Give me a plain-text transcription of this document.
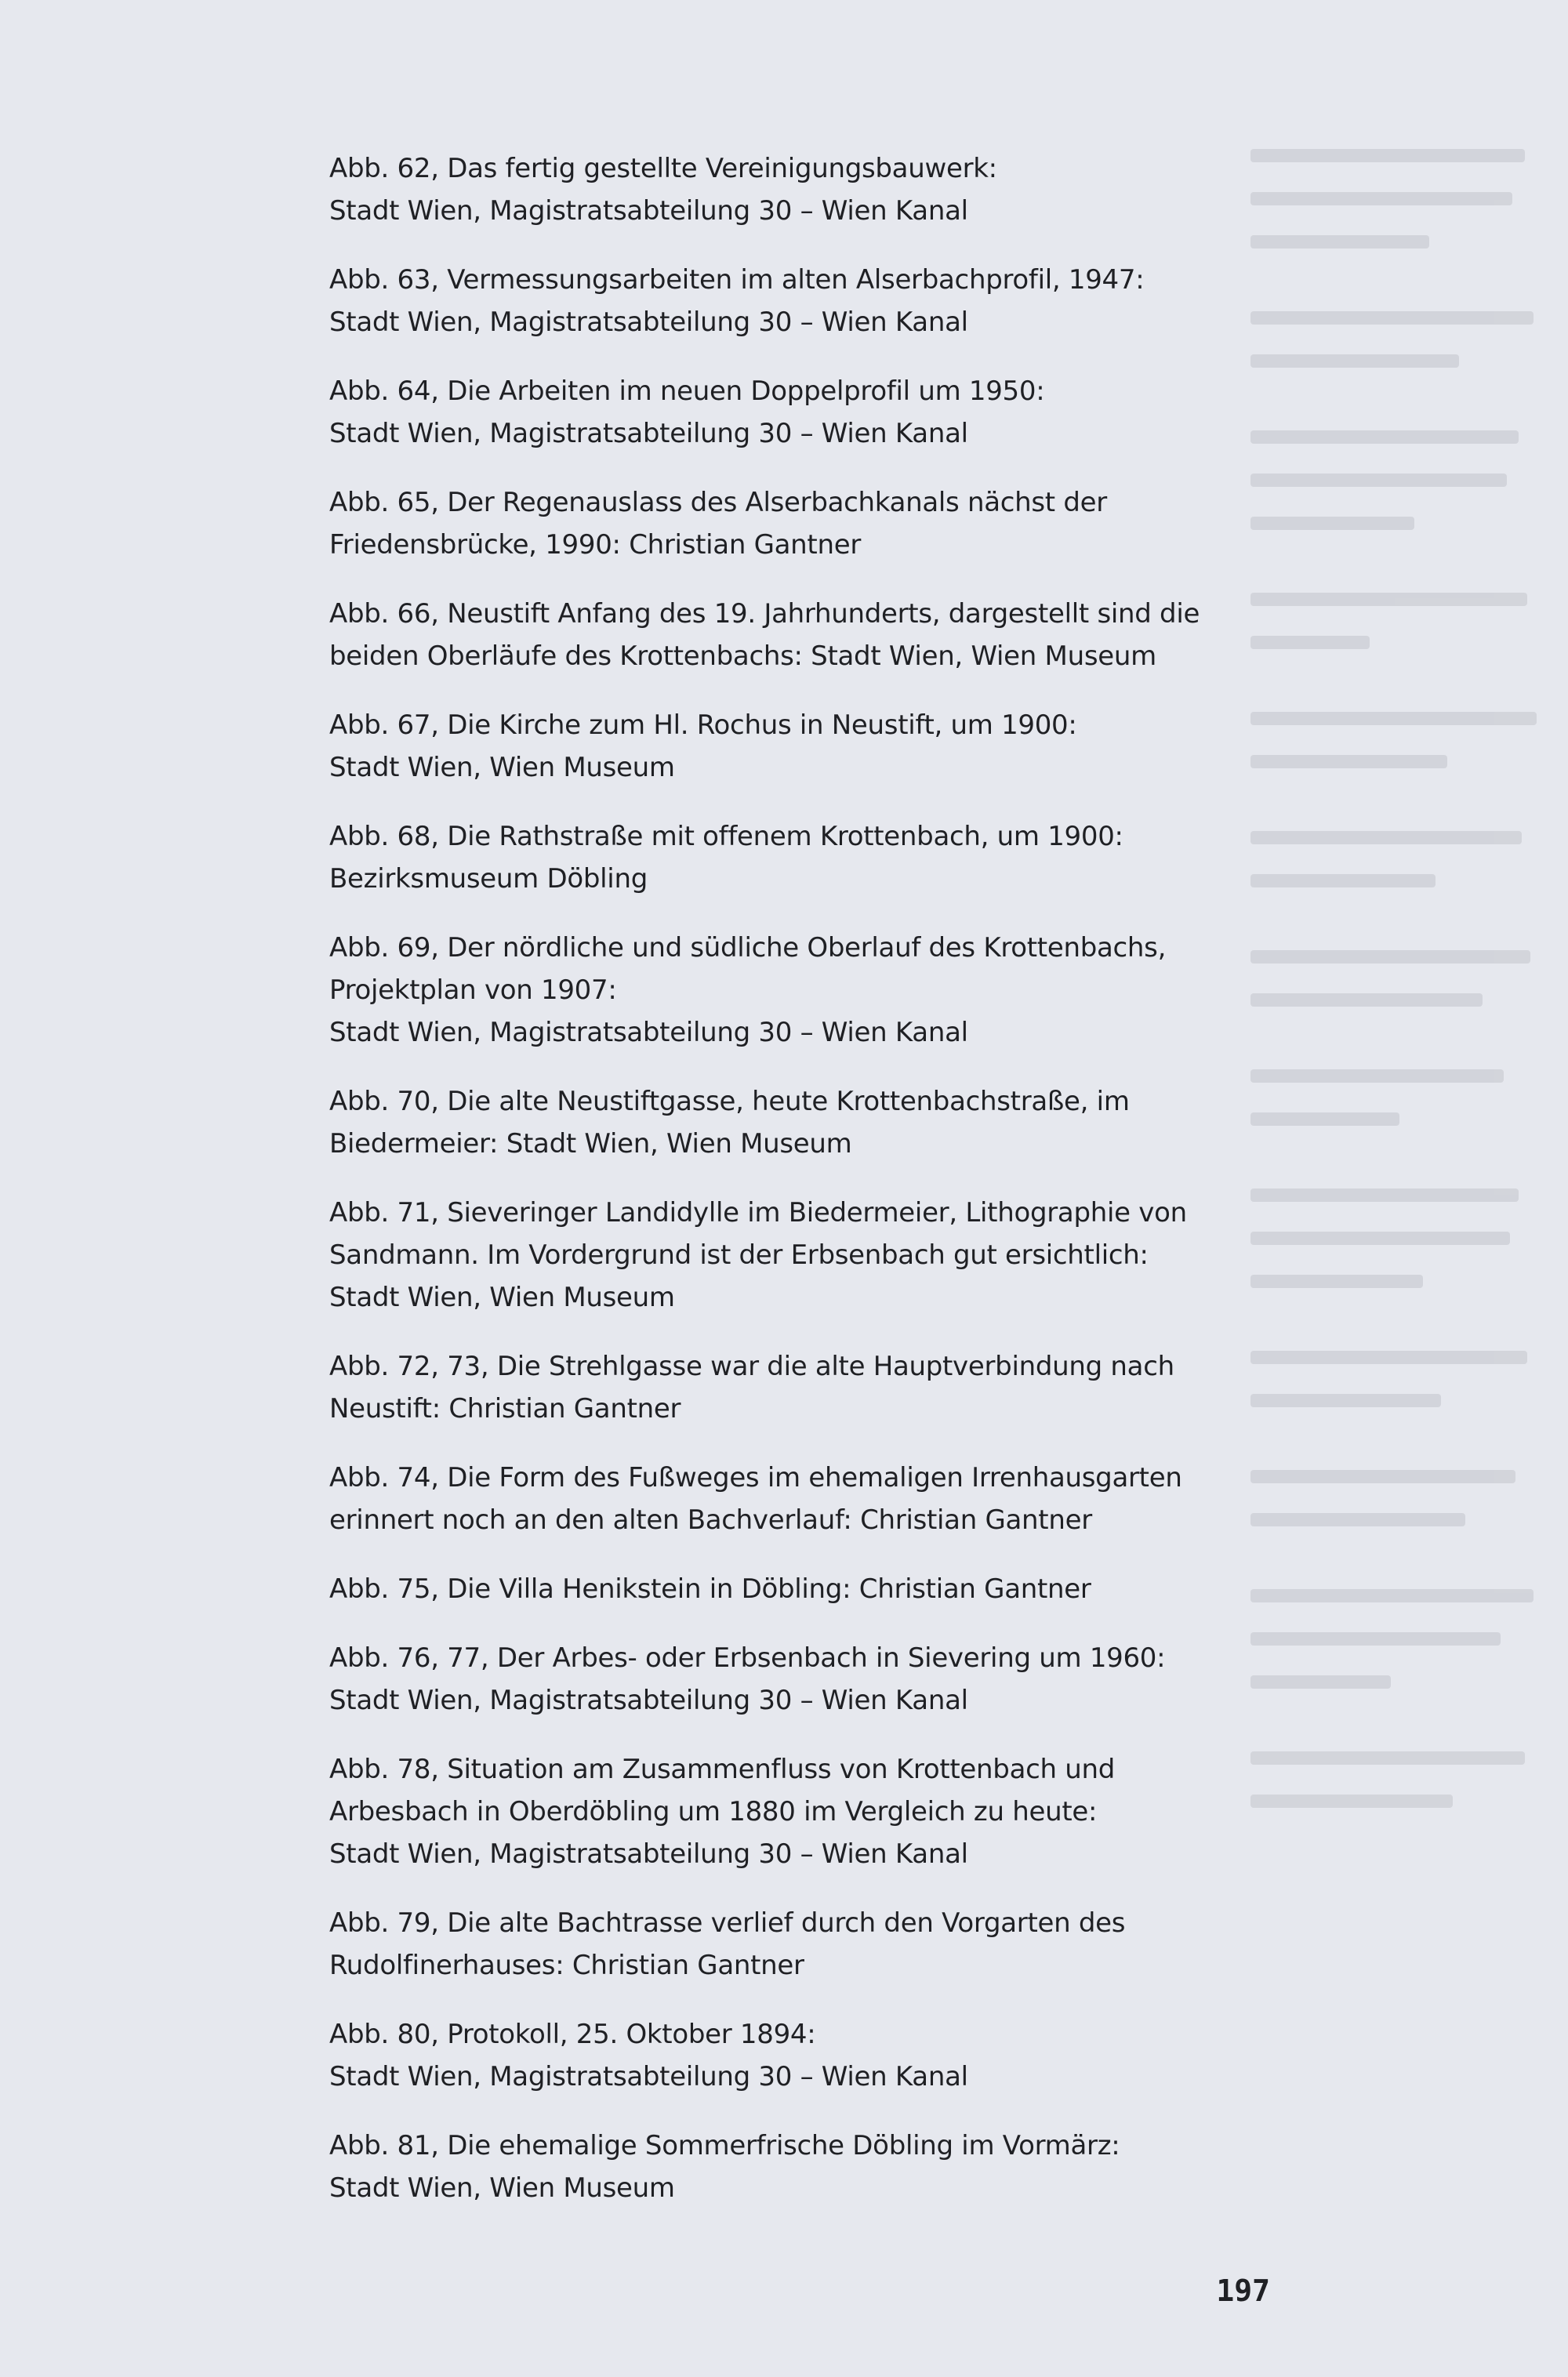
Abb. 62, Das fertig gestellte Vereinigungsbauwerk:
Stadt Wien, Magistratsabteilung 30 – Wien Kanal
Abb. 63, Vermessungsarbeiten im alten Alserbachprofil, 1947:
Stadt Wien, Magistratsabteilung 30 – Wien Kanal
Abb. 64, Die Arbeiten im neuen Doppelprofil um 1950:
Stadt Wien, Magistratsabteilung 30 – Wien Kanal
Abb. 65, Der Regenauslass des Alserbachkanals nächst der
Friedensbrücke, 1990: Christian Gantner
Abb. 66, Neustift Anfang des 19. Jahrhunderts, dargestellt sind die
beiden Oberläufe des Krottenbachs: Stadt Wien, Wien Museum
Abb. 67, Die Kirche zum Hl. Rochus in Neustift, um 1900:
Stadt Wien, Wien Museum
Abb. 68, Die Rathstraße mit offenem Krottenbach, um 1900:
Bezirksmuseum Döbling
Abb. 69, Der nördliche und südliche Oberlauf des Krottenbachs,
Projektplan von 1907:
Stadt Wien, Magistratsabteilung 30 – Wien Kanal
Abb. 70, Die alte Neustiftgasse, heute Krottenbachstraße, im
Biedermeier: Stadt Wien, Wien Museum
Abb. 71, Sieveringer Landidylle im Biedermeier, Lithographie von
Sandmann. Im Vordergrund ist der Erbsenbach gut ersichtlich:
Stadt Wien, Wien Museum
Abb. 72, 73, Die Strehlgasse war die alte Hauptverbindung nach
Neustift: Christian Gantner
Abb. 74, Die Form des Fußweges im ehemaligen Irrenhausgarten
erinnert noch an den alten Bachverlauf: Christian Gantner
Abb. 75, Die Villa Henikstein in Döbling: Christian Gantner
Abb. 76, 77, Der Arbes- oder Erbsenbach in Sievering um 1960:
Stadt Wien, Magistratsabteilung 30 – Wien Kanal
Abb. 78, Situation am Zusammenfluss von Krottenbach und
Arbesbach in Oberdöbling um 1880 im Vergleich zu heute:
Stadt Wien, Magistratsabteilung 30 – Wien Kanal
Abb. 79, Die alte Bachtrasse verlief durch den Vorgarten des
Rudolfinerhauses: Christian Gantner
Abb. 80, Protokoll, 25. Oktober 1894:
Stadt Wien, Magistratsabteilung 30 – Wien Kanal
Abb. 81, Die ehemalige Sommerfrische Döbling im Vormärz:
Stadt Wien, Wien Museum
197
